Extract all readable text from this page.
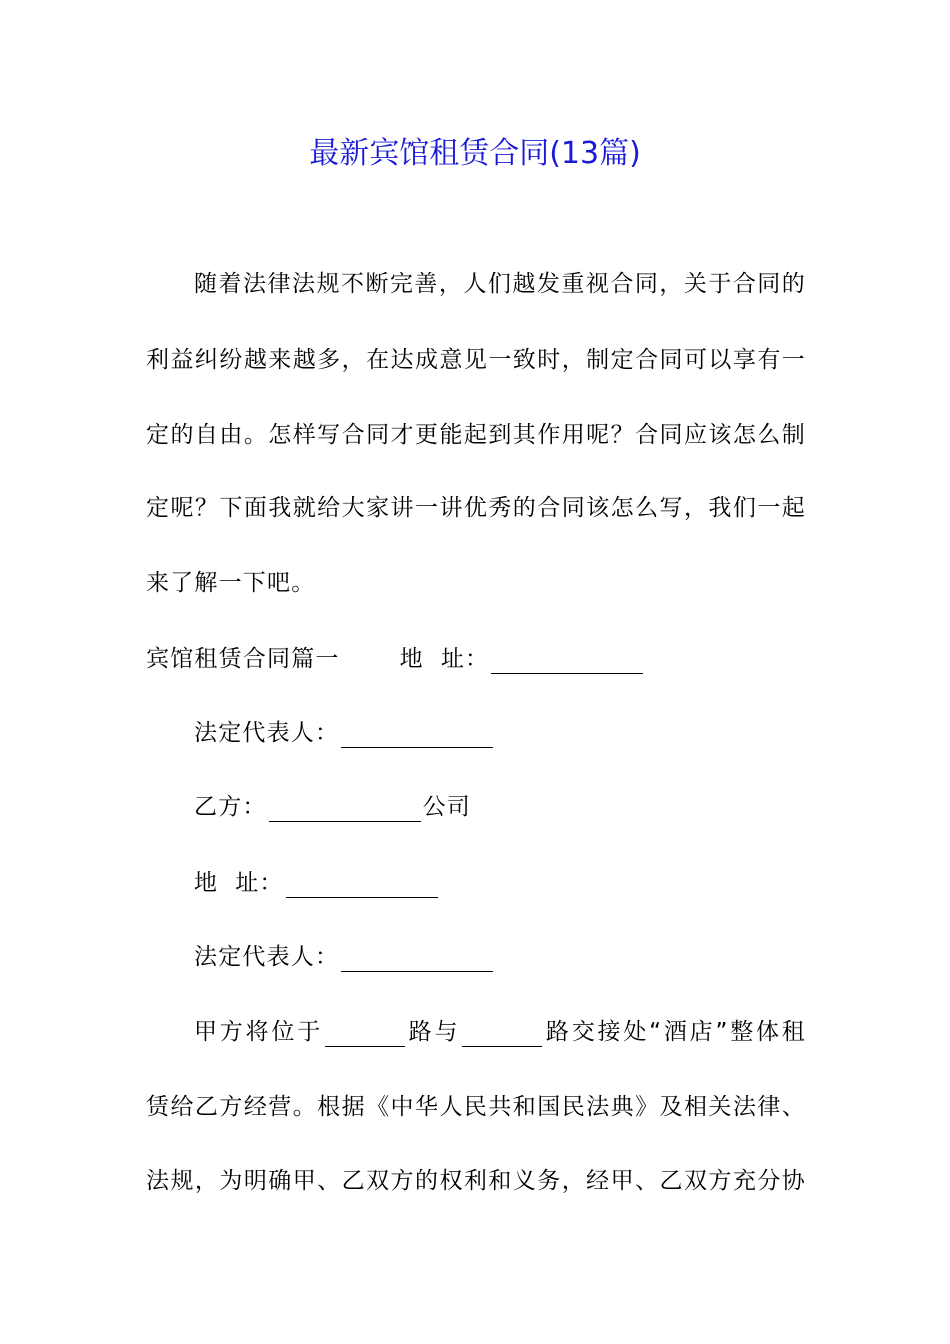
最新宾馆租赁合同(13篇)
随着法律法规不断完善，人们越发重视合同，关于合同的
利益纠纷越来越多，在达成意见一致时，制定合同可以享有一
定的自由。怎样写合同才更能起到其作用呢？合同应该怎么制
定呢？下面我就给大家讲一讲优秀的合同该怎么写，我们一起
来了解一下吧。
宾馆租赁合同篇一	地  址：
法定代表人：
乙方：	公司
地  址：
法定代表人：
甲方将位于	路与	路交接处“酒店”整体租
赁给乙方经营。根据《中华人民共和国民法典》及相关法律、
法规，为明确甲、乙双方的权利和义务，经甲、乙双方充分协
